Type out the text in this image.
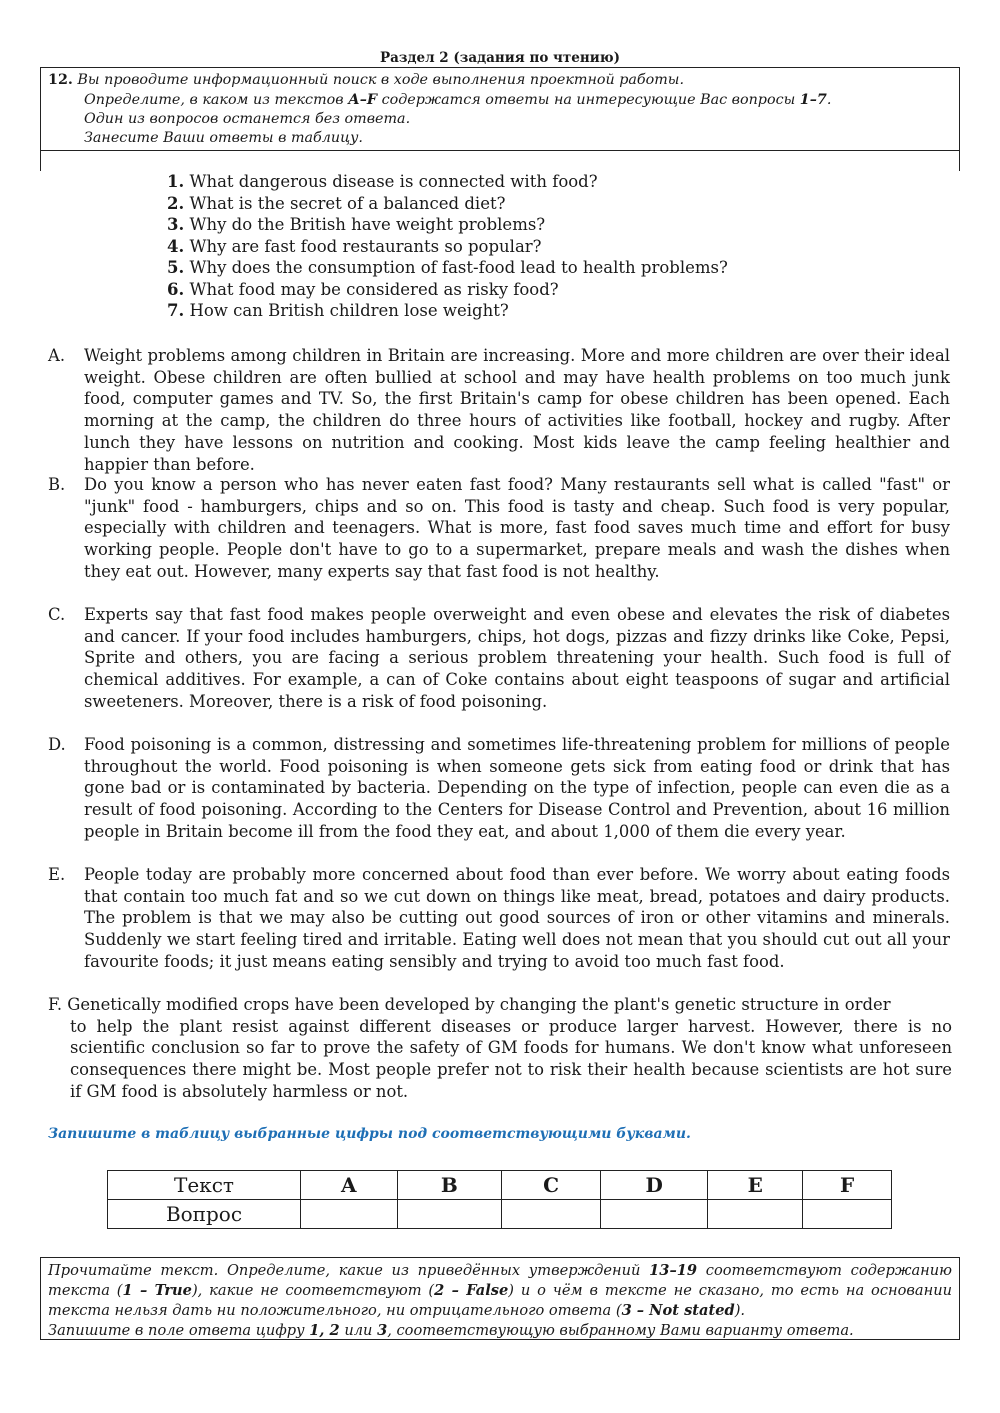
Раздел 2 (задания по чтению)

12. Вы проводите информационный поиск в ходе выполнения проектной работы.

Определите, в каком из текстов А–F содержатся ответы на интересующие Вас вопросы 1–7.

Один из вопросов останется без ответа.

Занесите Ваши ответы в таблицу.

1. What dangerous disease is connected with food?

2. What is the secret of a balanced diet?

3. Why do the British have weight problems?

4. Why are fast food restaurants so popular?

5. Why does the consumption of fast-food lead to health problems?

6. What food may be considered as risky food?

7. How can British children lose weight?

A.	Weight problems among children in Britain are increasing. More and more children are over their ideal weight. Obese children are often bullied at school and may have health problems on too much junk food, computer games and TV. So, the first Britain's camp for obese children has been opened. Each morning at the camp, the children do three hours of activities like football, hockey and rugby. After lunch they have lessons on nutrition and cooking. Most kids leave the camp feeling healthier and happier than before.
B.	Do you know a person who has never eaten fast food? Many restaurants sell what is called "fast" or "junk" food - hamburgers, chips and so on. This food is tasty and cheap. Such food is very popular, especially with children and teenagers. What is more, fast food saves much time and effort for busy working people. People don't have to go to a supermarket, prepare meals and wash the dishes when they eat out. However, many experts say that fast food is not healthy.
C.	Experts say that fast food makes people overweight and even obese and elevates the risk of diabetes and cancer. If your food includes hamburgers, chips, hot dogs, pizzas and fizzy drinks like Coke, Pepsi, Sprite and others, you are facing a serious problem threatening your health. Such food is full of chemical additives. For example, a can of Coke contains about eight teaspoons of sugar and artificial sweeteners. Moreover, there is a risk of food poisoning.
D.	Food poisoning is a common, distressing and sometimes life-threatening problem for millions of people throughout the world. Food poisoning is when someone gets sick from eating food or drink that has gone bad or is contaminated by bacteria. Depending on the type of infection, people can even die as a result of food poisoning. According to the Centers for Disease Control and Prevention, about 16 million people in Britain become ill from the food they eat, and about 1,000 of them die every year.
E.	People today are probably more concerned about food than ever before. We worry about eating foods that contain too much fat and so we cut down on things like meat, bread, potatoes and dairy products. The problem is that we may also be cutting out good sources of iron or other vitamins and minerals. Suddenly we start feeling tired and irritable. Eating well does not mean that you should cut out all your favourite foods; it just means eating sensibly and trying to avoid too much fast food.
F. Genetically modified crops have been developed by changing the plant's genetic structure in order
to help the plant resist against different diseases or produce larger harvest. However, there is no scientific conclusion so far to prove the safety of GM foods for humans. We don't know what unforeseen consequences there might be. Most people prefer not to risk their health because scientists are hot sure if GM food is absolutely harmless or not.

Запишите в таблицу выбранные цифры под соответствующими буквами.

Текст	A	B	C	D	E	F
Вопрос						

Прочитайте текст. Определите, какие из приведённых утверждений 13–19 соответствуют содержанию текста (1 – True), какие не соответствуют (2 – False) и о чём в тексте не сказано, то есть на основании текста нельзя дать ни положительного, ни отрицательного ответа (3 – Not stated).

Запишите в поле ответа цифру 1, 2 или 3, соответствующую выбранному Вами варианту ответа.
